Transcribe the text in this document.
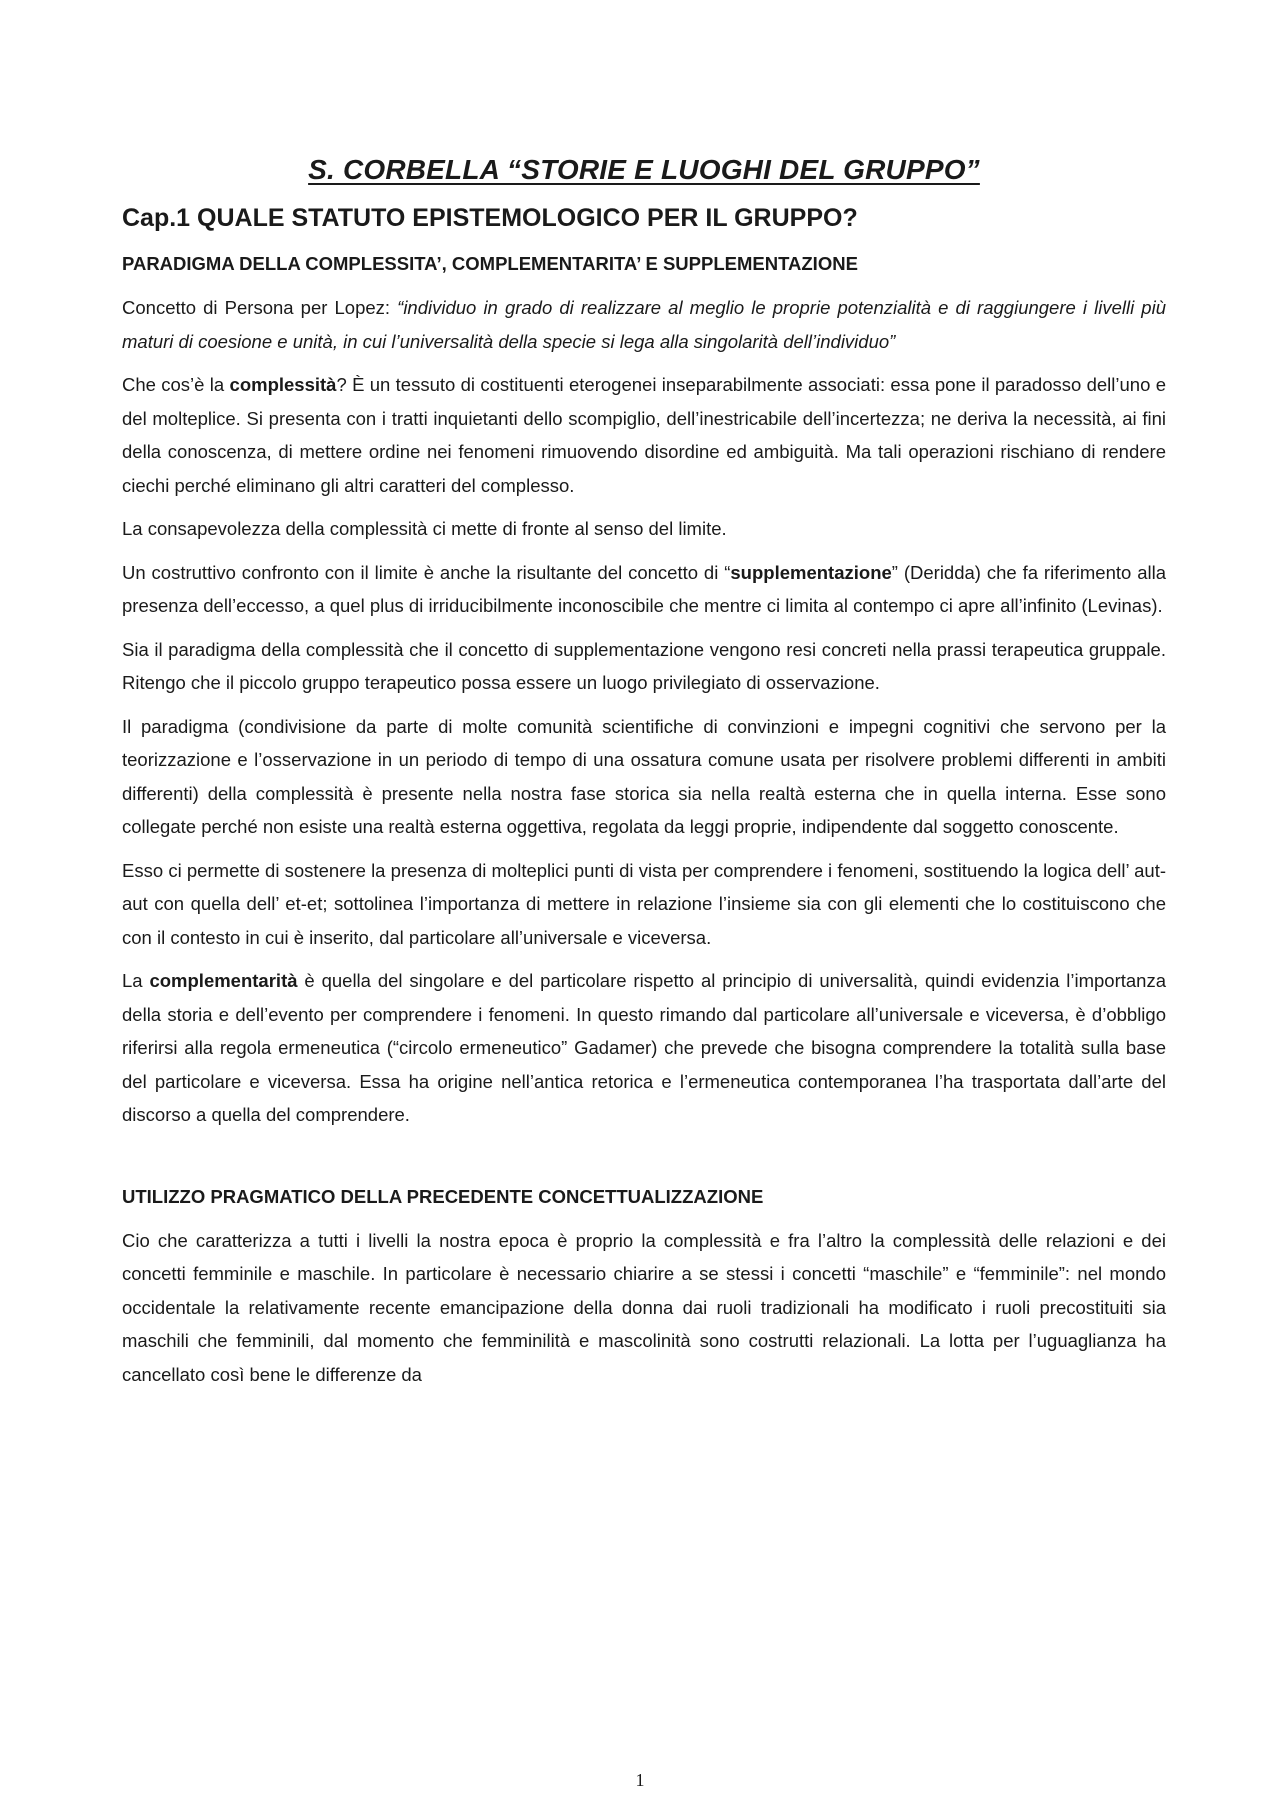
S. CORBELLA “STORIE E LUOGHI DEL GRUPPO”
Cap.1 QUALE STATUTO EPISTEMOLOGICO PER IL GRUPPO?
PARADIGMA DELLA COMPLESSITA’, COMPLEMENTARITA’ E SUPPLEMENTAZIONE

Concetto di Persona per Lopez: “individuo in grado di realizzare al meglio le proprie potenzialità e di raggiungere i livelli più maturi di coesione e unità, in cui l’universalità della specie si lega alla singolarità dell’individuo”

Che cos’è la complessità? È un tessuto di costituenti eterogenei inseparabilmente associati: essa pone il paradosso dell’uno e del molteplice. Si presenta con i tratti inquietanti dello scompiglio, dell’inestricabile dell’incertezza; ne deriva la necessità, ai fini della conoscenza, di mettere ordine nei fenomeni rimuovendo disordine ed ambiguità. Ma tali operazioni rischiano di rendere ciechi perché eliminano gli altri caratteri del complesso.

La consapevolezza della complessità ci mette di fronte al senso del limite.

Un costruttivo confronto con il limite è anche la risultante del concetto di “supplementazione” (Deridda) che fa riferimento alla presenza dell’eccesso, a quel plus di irriducibilmente inconoscibile che mentre ci limita al contempo ci apre all’infinito (Levinas).

Sia il paradigma della complessità che il concetto di supplementazione vengono resi concreti nella prassi terapeutica gruppale. Ritengo che il piccolo gruppo terapeutico possa essere un luogo privilegiato di osservazione.

Il paradigma (condivisione da parte di molte comunità scientifiche di convinzioni e impegni cognitivi che servono per la teorizzazione e l’osservazione in un periodo di tempo di una ossatura comune usata per risolvere problemi differenti in ambiti differenti) della complessità è presente nella nostra fase storica sia nella realtà esterna che in quella interna. Esse sono collegate perché non esiste una realtà esterna oggettiva, regolata da leggi proprie, indipendente dal soggetto conoscente.

Esso ci permette di sostenere la presenza di molteplici punti di vista per comprendere i fenomeni, sostituendo la logica dell’ aut-aut con quella dell’ et-et; sottolinea l’importanza di mettere in relazione l’insieme sia con gli elementi che lo costituiscono che con il contesto in cui è inserito, dal particolare all’universale e viceversa.

La complementarità è quella del singolare e del particolare rispetto al principio di universalità, quindi evidenzia l’importanza della storia e dell’evento per comprendere i fenomeni. In questo rimando dal particolare all’universale e viceversa, è d’obbligo riferirsi alla regola ermeneutica (“circolo ermeneutico” Gadamer) che prevede che bisogna comprendere la totalità sulla base del particolare e viceversa. Essa ha origine nell’antica retorica e l’ermeneutica contemporanea l’ha trasportata dall’arte del discorso a quella del comprendere.

UTILIZZO PRAGMATICO DELLA PRECEDENTE CONCETTUALIZZAZIONE

Cio che caratterizza a tutti i livelli la nostra epoca è proprio la complessità e fra l’altro la complessità delle relazioni e dei concetti femminile e maschile. In particolare è necessario chiarire a se stessi i concetti “maschile” e “femminile”: nel mondo occidentale la relativamente recente emancipazione della donna dai ruoli tradizionali ha modificato i ruoli precostituiti sia maschili che femminili, dal momento che femminilità e mascolinità sono costrutti relazionali. La lotta per l’uguaglianza ha cancellato così bene le differenze da

1
